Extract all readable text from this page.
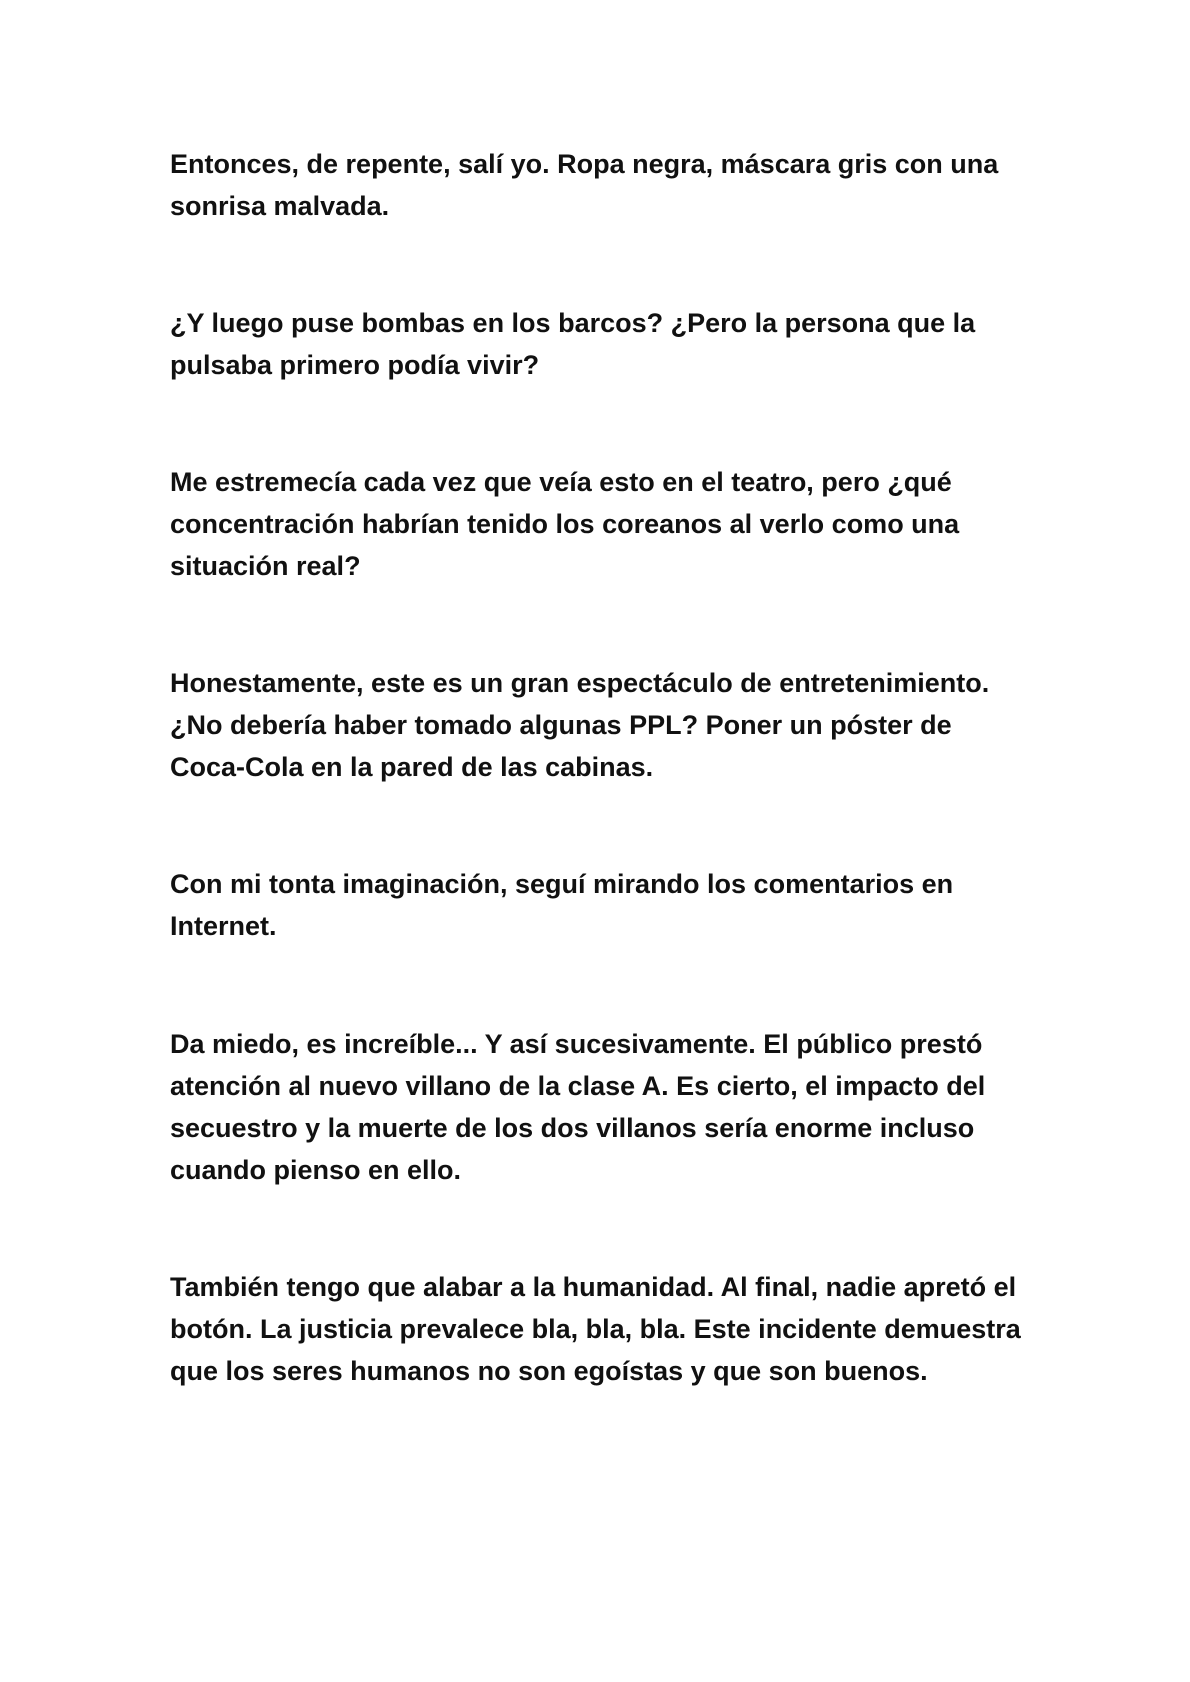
Entonces, de repente, salí yo. Ropa negra, máscara gris con una sonrisa malvada.

¿Y luego puse bombas en los barcos? ¿Pero la persona que la pulsaba primero podía vivir?

Me estremecía cada vez que veía esto en el teatro, pero ¿qué concentración habrían tenido los coreanos al verlo como una situación real?

Honestamente, este es un gran espectáculo de entretenimiento. ¿No debería haber tomado algunas PPL? Poner un póster de Coca-Cola en la pared de las cabinas.

Con mi tonta imaginación, seguí mirando los comentarios en Internet.

Da miedo, es increíble... Y así sucesivamente. El público prestó atención al nuevo villano de la clase A. Es cierto, el impacto del secuestro y la muerte de los dos villanos sería enorme incluso cuando pienso en ello.

También tengo que alabar a la humanidad. Al final, nadie apretó el botón. La justicia prevalece bla, bla, bla. Este incidente demuestra que los seres humanos no son egoístas y que son buenos.
